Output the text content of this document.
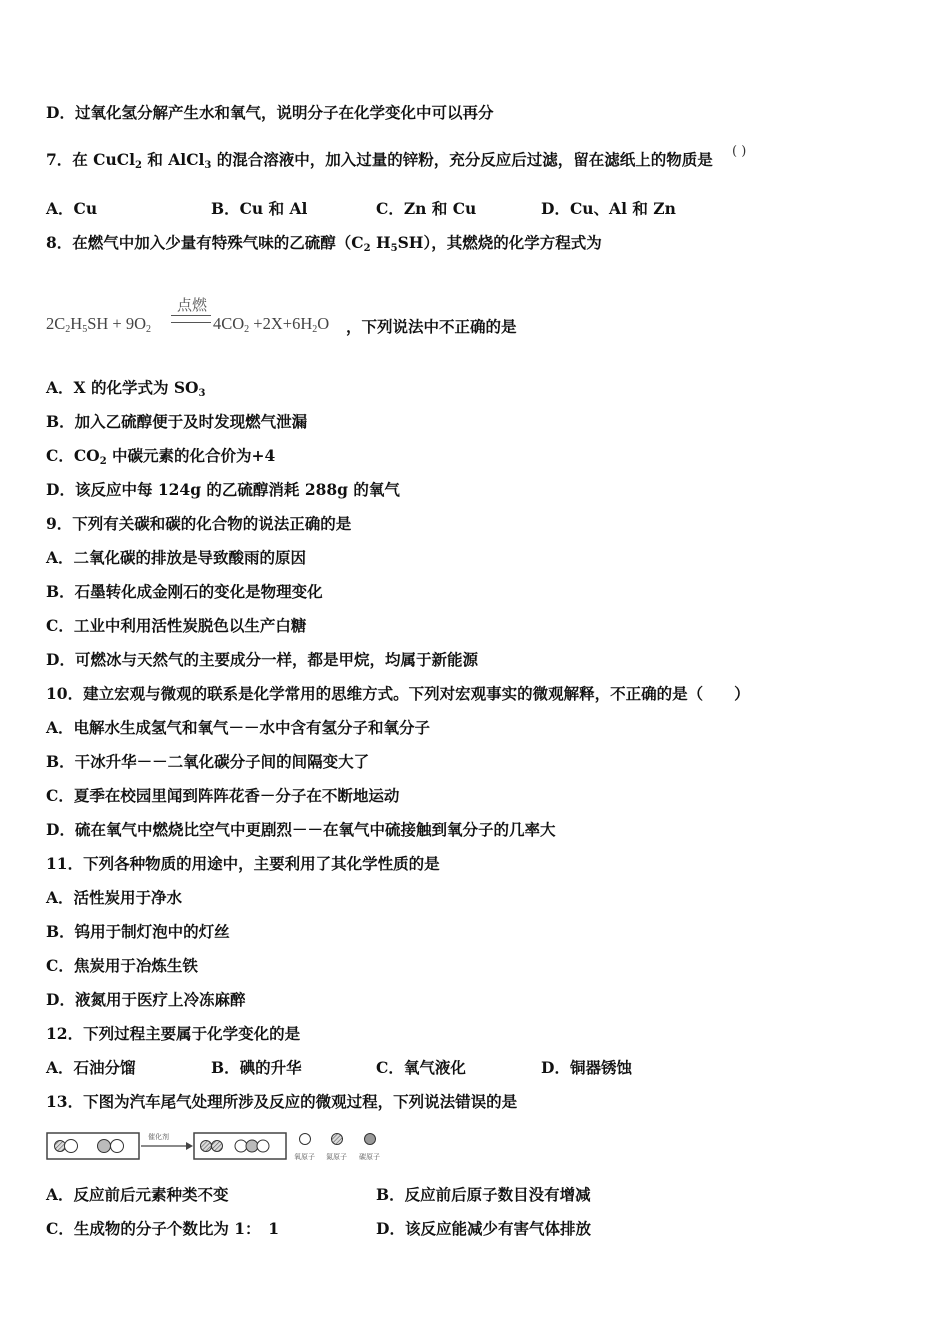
D．过氧化氢分解产生水和氧气，说明分子在化学变化中可以再分
7．在 CuCl$_2$ 和 AlCl$_3$ 的混合溶液中，加入过量的锌粉，充分反应后过滤，留在滤纸上的物质是 ( )
A．Cu	B．Cu 和 Al	C．Zn 和 Cu	D．Cu、Al 和 Zn
8．在燃气中加入少量有特殊气味的乙硫醇（$C_2$ $H_5SH$），其燃烧的化学方程式为
$2C_2H_5SH + 9O_2$
点燃
$4CO_2 +2X+6H_2O$ ，下列说法中不正确的是
A．X 的化学式为 $SO_3$
B．加入乙硫醇便于及时发现燃气泄漏
C．$CO_2$ 中碳元素的化合价为+4
D．该反应中每 124g 的乙硫醇消耗 288g 的氧气
9．下列有关碳和碳的化合物的说法正确的是
A．二氧化碳的排放是导致酸雨的原因
B．石墨转化成金刚石的变化是物理变化
C．工业中利用活性炭脱色以生产白糖
D．可燃冰与天然气的主要成分一样，都是甲烷，均属于新能源
10．建立宏观与微观的联系是化学常用的思维方式。下列对宏观事实的微观解释，不正确的是（　　）
A．电解水生成氢气和氧气－－水中含有氢分子和氧分子
B．干冰升华－－二氧化碳分子间的间隔变大了
C．夏季在校园里闻到阵阵花香－分子在不断地运动
D．硫在氧气中燃烧比空气中更剧烈－－在氧气中硫接触到氧分子的几率大
11．下列各种物质的用途中，主要利用了其化学性质的是
A．活性炭用于净水
B．钨用于制灯泡中的灯丝
C．焦炭用于冶炼生铁
D．液氮用于医疗上冷冻麻醉
12．下列过程主要属于化学变化的是
A．石油分馏	B．碘的升华	C．氧气液化	D．铜器锈蚀
13．下图为汽车尾气处理所涉及反应的微观过程，下列说法错误的是
催化剂
氧原子 氮原子 碳原子
A．反应前后元素种类不变	B．反应前后原子数目没有增减
C．生成物的分子个数比为 1：　1	D．该反应能减少有害气体排放
